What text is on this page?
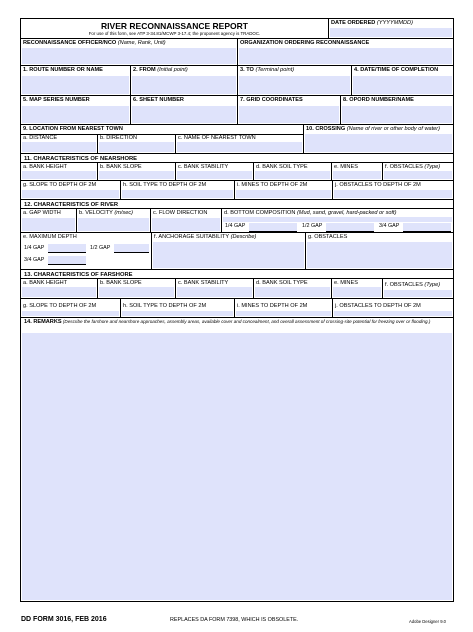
RIVER RECONNAISSANCE REPORT
For use of this form, see ATP 3-34.81/MCWP 3-17.4; the proponent agency is TRADOC.
DATE ORDERED (YYYYMMDD)
RECONNAISSANCE OFFICER/NCO (Name, Rank, Unit)	ORGANIZATION ORDERING RECONNAISSANCE
1. ROUTE NUMBER OR NAME	2. FROM (Initial point)	3. TO (Terminal point)	4. DATE/TIME OF COMPLETION
5. MAP SERIES NUMBER	6. SHEET NUMBER	7. GRID COORDINATES	8. OPORD NUMBER/NAME
9. LOCATION FROM NEAREST TOWN
a. DISTANCE	b. DIRECTION	c. NAME OF NEAREST TOWN
10. CROSSING (Name of river or other body of water)
11. CHARACTERISTICS OF NEARSHORE
a. BANK HEIGHT	b. BANK SLOPE	c. BANK STABILITY	d. BANK SOIL TYPE	e. MINES	f. OBSTACLES (Type)
g. SLOPE TO DEPTH OF 2M	h. SOIL TYPE TO DEPTH OF 2M	i. MINES TO DEPTH OF 2M	j. OBSTACLES TO DEPTH OF 2M
12. CHARACTERISTICS OF RIVER
a. GAP WIDTH	b. VELOCITY (m/sec)	c. FLOW DIRECTION	d. BOTTOM COMPOSITION (Mud, sand, gravel, hard-packed or soft)
1/4 GAP	1/2 GAP	3/4 GAP
e. MAXIMUM DEPTH
1/4 GAP	1/2 GAP
3/4 GAP
f. ANCHORAGE SUITABILITY (Describe)	g. OBSTACLES
13. CHARACTERISTICS OF FARSHORE
a. BANK HEIGHT	b. BANK SLOPE	c. BANK STABILITY	d. BANK SOIL TYPE	e. MINES	f. OBSTACLES (Type)
g. SLOPE TO DEPTH OF 2M	h. SOIL TYPE TO DEPTH OF 2M	i. MINES TO DEPTH OF 2M	j. OBSTACLES TO DEPTH OF 2M
14. REMARKS (Describe the farshore and nearshore approaches, assembly areas, available cover and concealment, and overall assessment of crossing-site potential for freezing over or flooding.)
DD FORM 3016, FEB 2016	REPLACES DA FORM 7398, WHICH IS OBSOLETE.	Adobe Designer 9.0
